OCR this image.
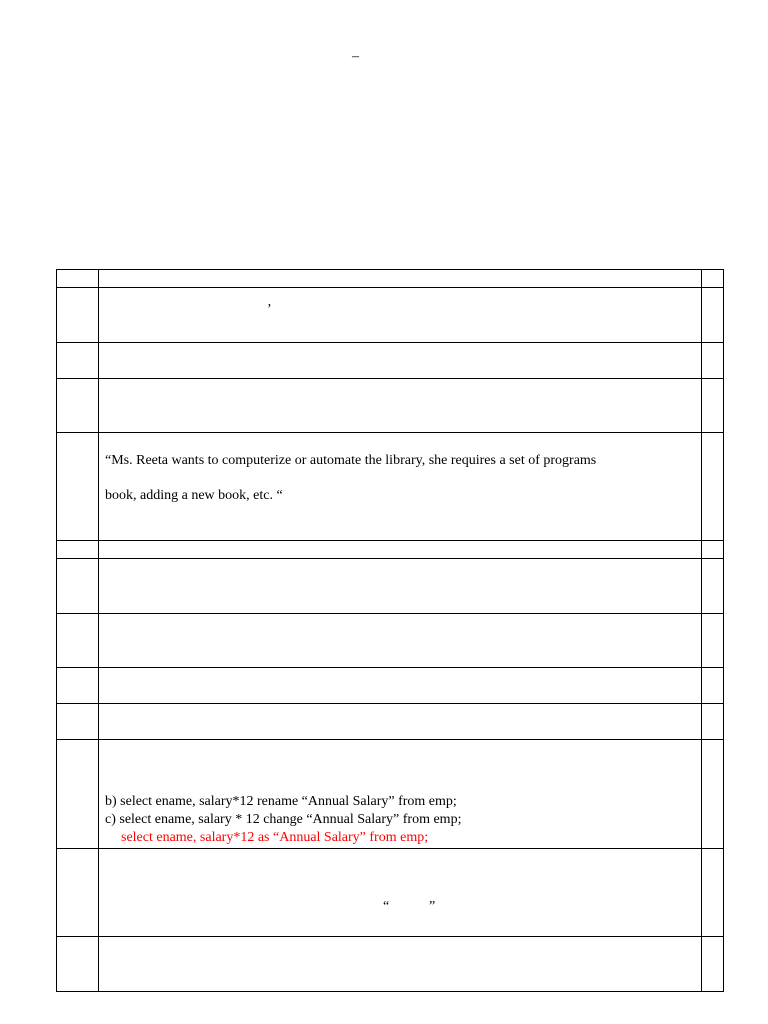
–

	’	

	“Ms. Reeta wants to computerize or automate the library, she requires a set of programs
book, adding a new book, etc. “	

	b) select ename, salary*12 rename “Annual Salary” from emp;
c) select ename, salary * 12 change “Annual Salary” from emp;
select ename, salary*12 as “Annual Salary” from emp;	

	“ ”	
